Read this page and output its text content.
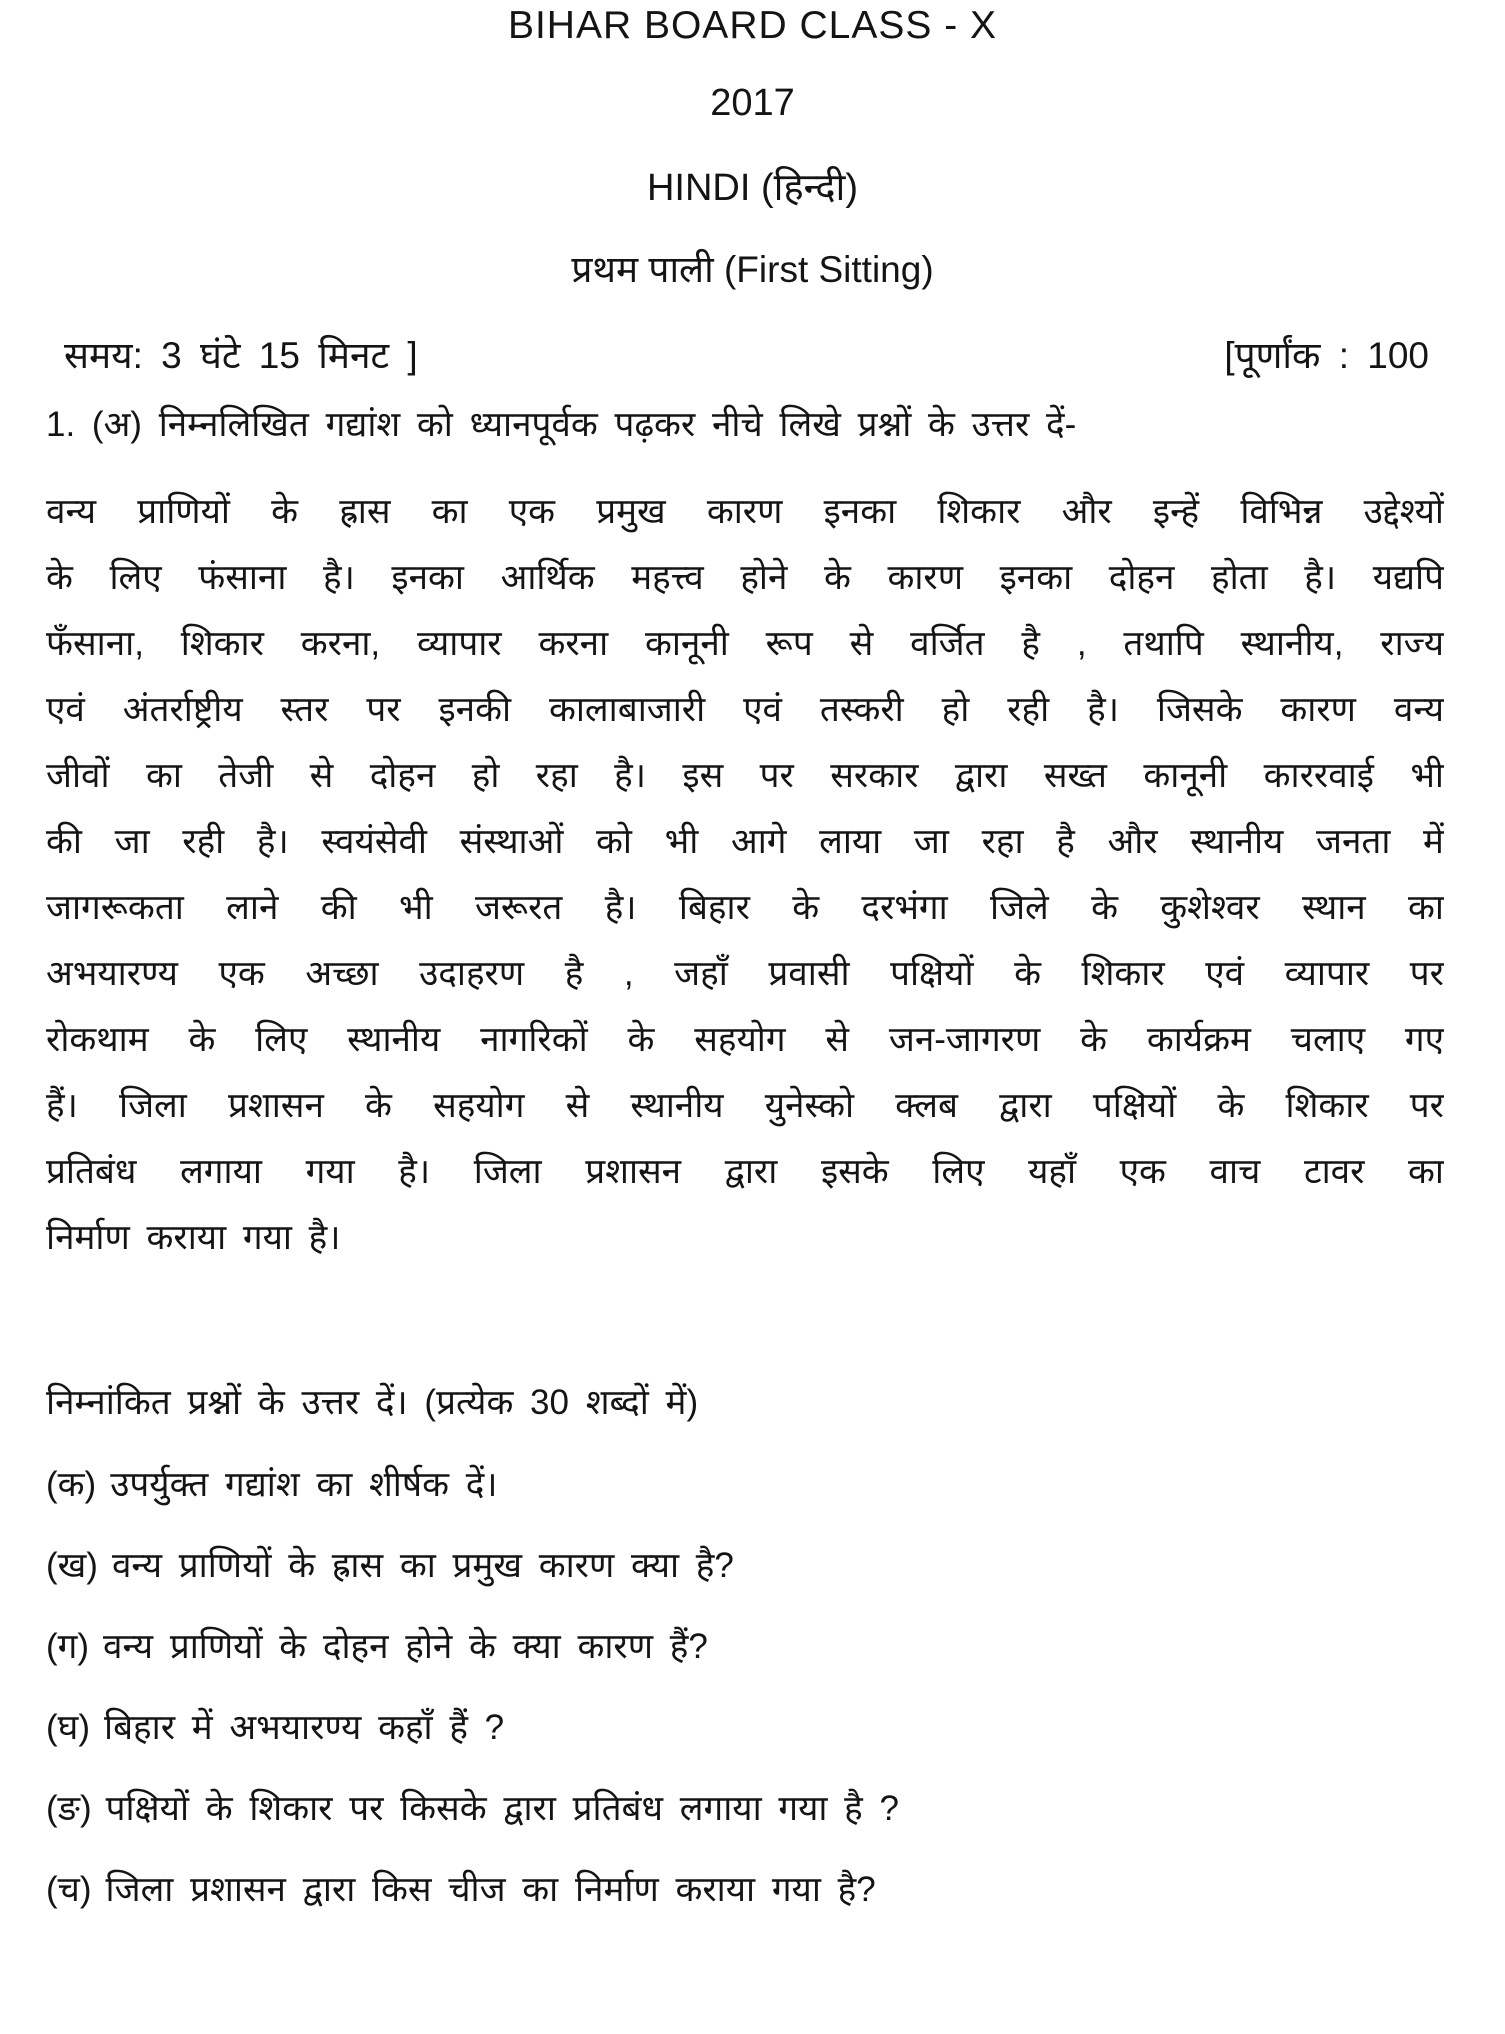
BIHAR BOARD CLASS - X
2017
HINDI (हिन्दी)
प्रथम पाली (First Sitting)
समय: 3 घंटे 15 मिनट ]	[पूर्णांक : 100
1. (अ) निम्नलिखित गद्यांश को ध्यानपूर्वक पढ़कर नीचे लिखे प्रश्नों के उत्तर दें-
वन्य प्राणियों के ह्रास का एक प्रमुख कारण इनका शिकार और इन्हें विभिन्न उद्देश्यों
के लिए फंसाना है। इनका आर्थिक महत्त्व होने के कारण इनका दोहन होता है। यद्यपि
फँसाना, शिकार करना, व्यापार करना कानूनी रूप से वर्जित है , तथापि स्थानीय, राज्य
एवं अंतर्राष्ट्रीय स्तर पर इनकी कालाबाजारी एवं तस्करी हो रही है। जिसके कारण वन्य
जीवों का तेजी से दोहन हो रहा है। इस पर सरकार द्वारा सख्त कानूनी काररवाई भी
की जा रही है। स्वयंसेवी संस्थाओं को भी आगे लाया जा रहा है और स्थानीय जनता में
जागरूकता लाने की भी जरूरत है। बिहार के दरभंगा जिले के कुशेश्वर स्थान का
अभयारण्य एक अच्छा उदाहरण है , जहाँ प्रवासी पक्षियों के शिकार एवं व्यापार पर
रोकथाम के लिए स्थानीय नागरिकों के सहयोग से जन-जागरण के कार्यक्रम चलाए गए
हैं। जिला प्रशासन के सहयोग से स्थानीय युनेस्को क्लब द्वारा पक्षियों के शिकार पर
प्रतिबंध लगाया गया है। जिला प्रशासन द्वारा इसके लिए यहाँ एक वाच टावर का
निर्माण कराया गया है।
निम्नांकित प्रश्नों के उत्तर दें। (प्रत्येक 30 शब्दों में)
(क) उपर्युक्त गद्यांश का शीर्षक दें।
(ख) वन्य प्राणियों के ह्रास का प्रमुख कारण क्या है?
(ग) वन्य प्राणियों के दोहन होने के क्या कारण हैं?
(घ) बिहार में अभयारण्य कहाँ हैं ?
(ङ) पक्षियों के शिकार पर किसके द्वारा प्रतिबंध लगाया गया है ?
(च) जिला प्रशासन द्वारा किस चीज का निर्माण कराया गया है?
